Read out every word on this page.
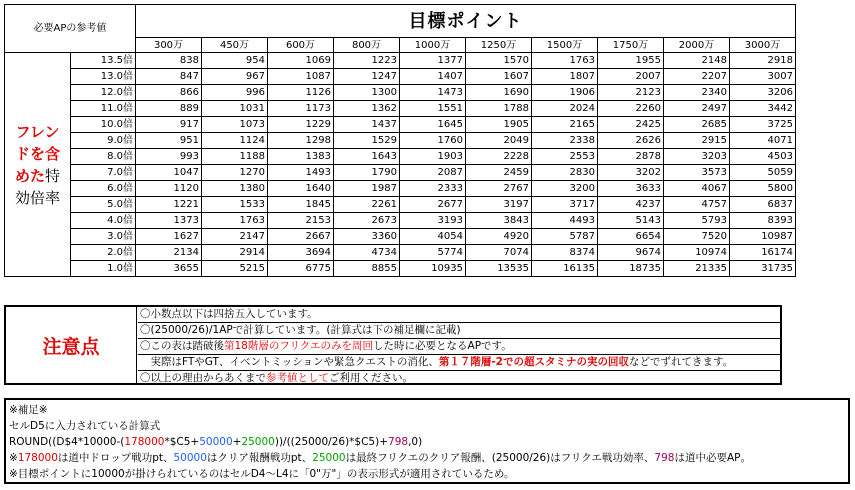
必要APの参考値		目標ポイント									
		300万	450万	600万	800万	1000万	1250万	1500万	1750万	2000万	3000万
フレンドを含めた特効倍率	13.5倍	838	954	1069	1223	1377	1570	1763	1955	2148	2918
	13.0倍	847	967	1087	1247	1407	1607	1807	2007	2207	3007
	12.0倍	866	996	1126	1300	1473	1690	1906	2123	2340	3206
	11.0倍	889	1031	1173	1362	1551	1788	2024	2260	2497	3442
	10.0倍	917	1073	1229	1437	1645	1905	2165	2425	2685	3725
	9.0倍	951	1124	1298	1529	1760	2049	2338	2626	2915	4071
	8.0倍	993	1188	1383	1643	1903	2228	2553	2878	3203	4503
	7.0倍	1047	1270	1493	1790	2087	2459	2830	3202	3573	5059
	6.0倍	1120	1380	1640	1987	2333	2767	3200	3633	4067	5800
	5.0倍	1221	1533	1845	2261	2677	3197	3717	4237	4757	6837
	4.0倍	1373	1763	2153	2673	3193	3843	4493	5143	5793	8393
	3.0倍	1627	2147	2667	3360	4054	4920	5787	6654	7520	10987
	2.0倍	2134	2914	3694	4734	5774	7074	8374	9674	10974	16174
	1.0倍	3655	5215	6775	8855	10935	13535	16135	18735	21335	31735
注意点
〇小数点以下は四捨五入しています。
〇(25000/26)/1APで計算しています。(計算式は下の補足欄に記載)
〇この表は踏破後第18階層のフリクエのみを周回した時に必要となるAPです。
　実際はFTやGT、イベントミッションや緊急クエストの消化、第１７階層-2での超スタミナの実の回収などでずれてきます。
〇以上の理由からあくまで参考値としてご利用ください。
※補足※
セルD5に入力されている計算式
ROUND((D$4*10000-(178000*$C5+50000+25000))/((25000/26)*$C5)+798,0)
※178000は道中ドロップ戦功pt、50000はクリア報酬戦功pt、25000は最終フリクエのクリア報酬、(25000/26)はフリクエ戦功効率、798は道中必要AP。
※目標ポイントに10000が掛けられているのはセルD4～L4に「0"万"」の表示形式が適用されているため。
